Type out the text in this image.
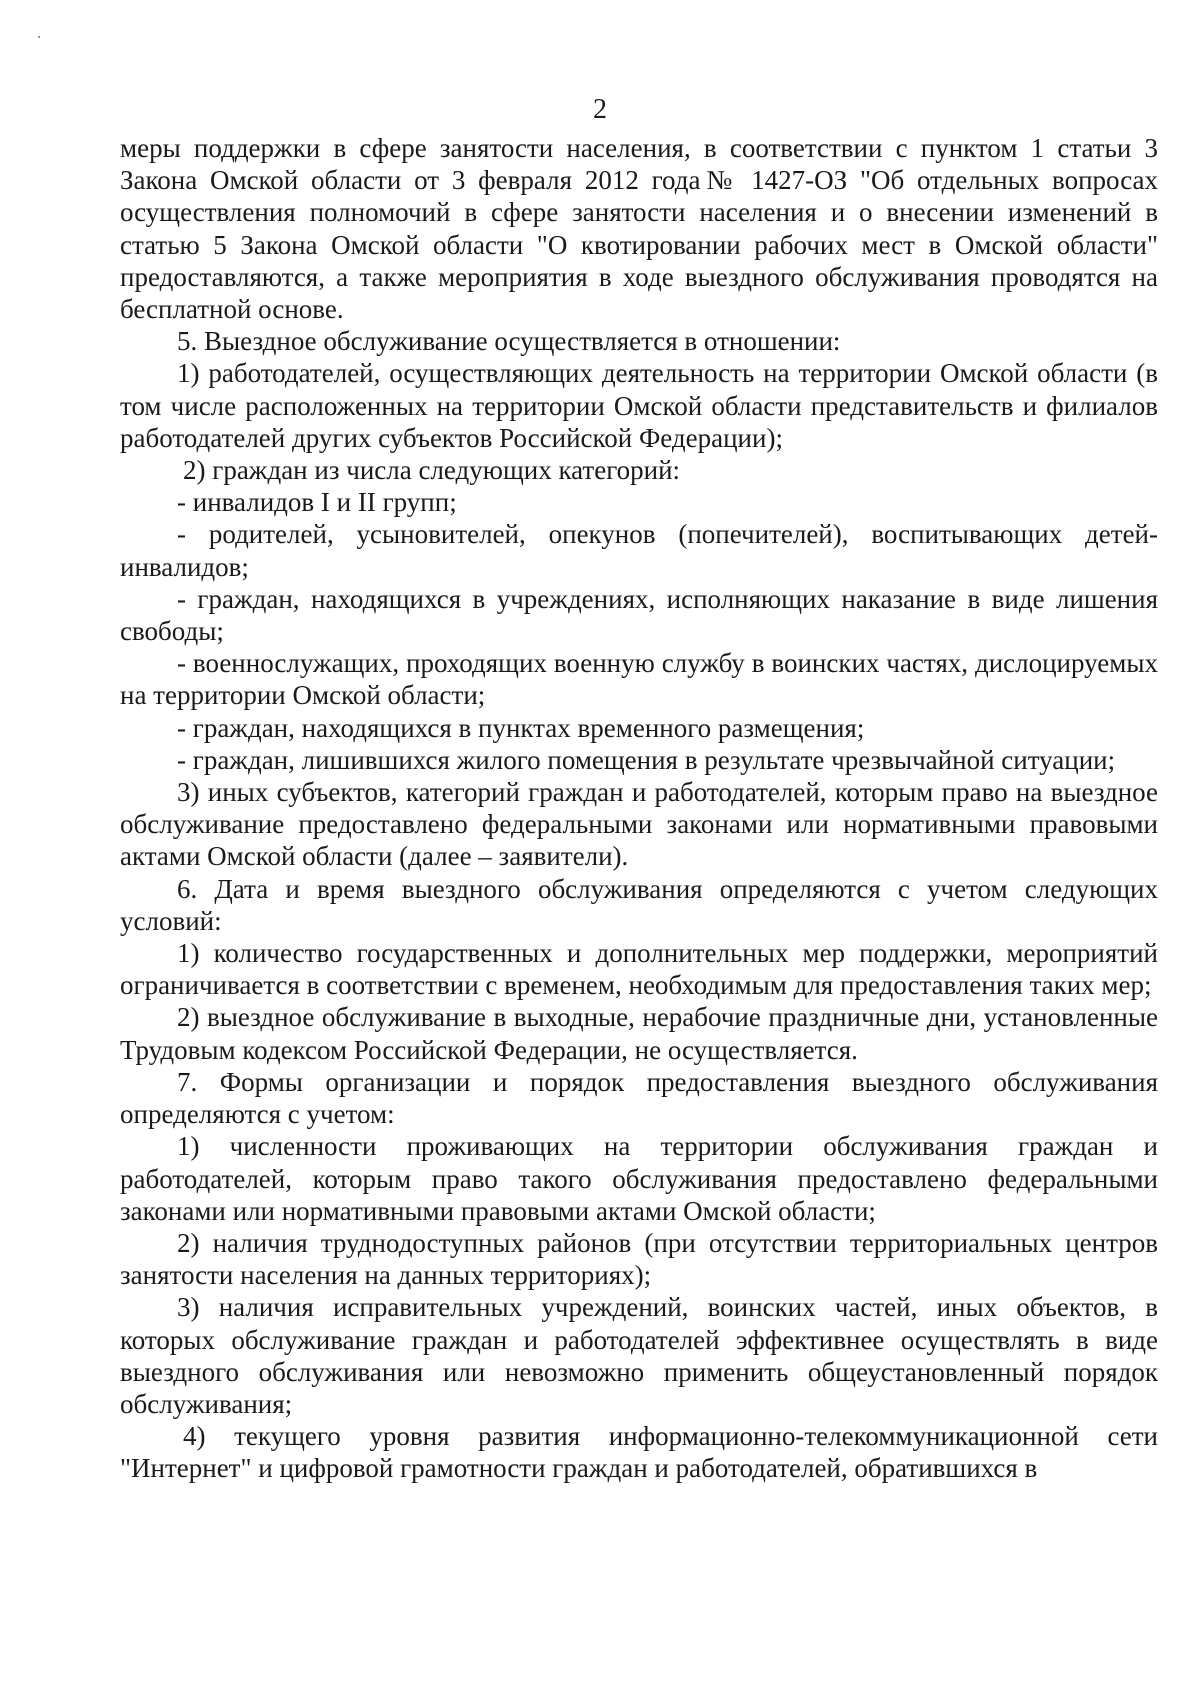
2

меры поддержки в сфере занятости населения, в соответствии с пунктом 1 статьи 3 Закона Омской области от 3 февраля 2012 года№ 1427-ОЗ "Об отдельных вопросах осуществления полномочий в сфере занятости населения и о внесении изменений в статью 5 Закона Омской области "О квотировании рабочих мест в Омской области" предоставляются, а также мероприятия в ходе выездного обслуживания проводятся на бесплатной основе.

5. Выездное обслуживание осуществляется в отношении:

1) работодателей, осуществляющих деятельность на территории Омской области (в том числе расположенных на территории Омской области представительств и филиалов работодателей других субъектов Российской Федерации);

2) граждан из числа следующих категорий:

- инвалидов I и II групп;

- родителей, усыновителей, опекунов (попечителей), воспитывающих детей-инвалидов;

- граждан, находящихся в учреждениях, исполняющих наказание в виде лишения свободы;

- военнослужащих, проходящих военную службу в воинских частях, дислоцируемых на территории Омской области;

- граждан, находящихся в пунктах временного размещения;

- граждан, лишившихся жилого помещения в результате чрезвычайной ситуации;

3) иных субъектов, категорий граждан и работодателей, которым право на выездное обслуживание предоставлено федеральными законами или нормативными правовыми актами Омской области (далее – заявители).

6. Дата и время выездного обслуживания определяются с учетом следующих условий:

1) количество государственных и дополнительных мер поддержки, мероприятий ограничивается в соответствии с временем, необходимым для предоставления таких мер;

2) выездное обслуживание в выходные, нерабочие праздничные дни, установленные Трудовым кодексом Российской Федерации, не осуществляется.

7. Формы организации и порядок предоставления выездного обслуживания определяются с учетом:

1) численности проживающих на территории обслуживания граждан и работодателей, которым право такого обслуживания предоставлено федеральными законами или нормативными правовыми актами Омской области;

2) наличия труднодоступных районов (при отсутствии территориальных центров занятости населения на данных территориях);

3) наличия исправительных учреждений, воинских частей, иных объектов, в которых обслуживание граждан и работодателей эффективнее осуществлять в виде выездного обслуживания или невозможно применить общеустановленный порядок обслуживания;

4) текущего уровня развития информационно-телекоммуникационной сети "Интернет" и цифровой грамотности граждан и работодателей, обратившихся в
